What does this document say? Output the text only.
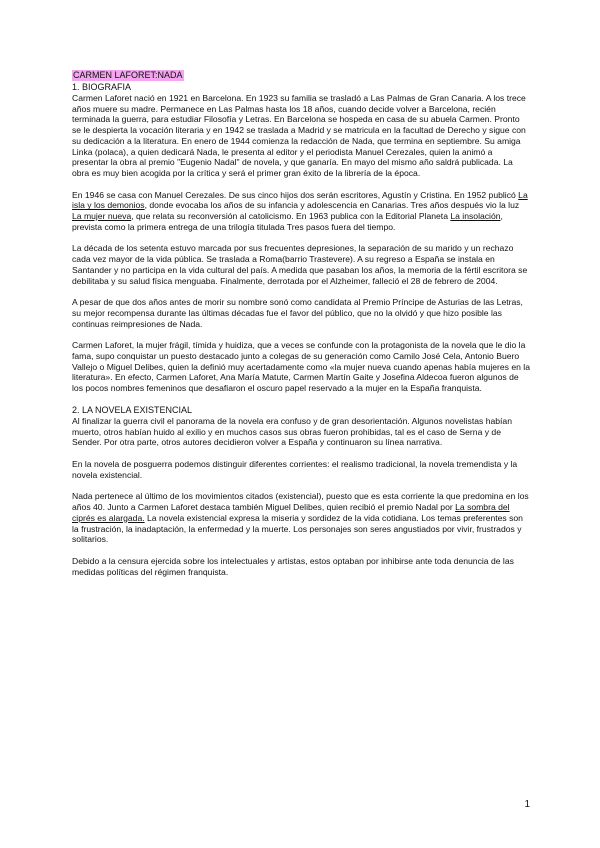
CARMEN LAFORET:NADA
1. BIOGRAFIA

Carmen Laforet nació en 1921 en Barcelona. En 1923 su familia se trasladó a Las Palmas de Gran Canaria. A los trece años muere su madre. Permanece en Las Palmas hasta los 18 años, cuando decide volver a Barcelona, recién terminada la guerra, para estudiar Filosofía y Letras. En Barcelona se hospeda en casa de su abuela Carmen. Pronto se le despierta la vocación literaria y en 1942 se traslada a Madrid y se matricula en la facultad de Derecho y sigue con su dedicación a la literatura. En enero de 1944 comienza la redacción de Nada, que termina en septiembre. Su amiga Linka (polaca), a quien dedicará Nada, le presenta al editor y el periodista Manuel Cerezales, quien la animó a presentar la obra al premio "Eugenio Nadal" de novela, y que ganaría. En mayo del mismo año saldrá publicada. La obra es muy bien acogida por la crítica y será el primer gran éxito de la librería de la época.

En 1946 se casa con Manuel Cerezales. De sus cinco hijos dos serán escritores, Agustín y Cristina. En 1952 publicó La isla y los demonios, donde evocaba los años de su infancia y adolescencia en Canarias. Tres años después vio la luz La mujer nueva, que relata su reconversión al catolicismo. En 1963 publica con la Editorial Planeta La insolación, prevista como la primera entrega de una trilogía titulada Tres pasos fuera del tiempo.

La década de los setenta estuvo marcada por sus frecuentes depresiones, la separación de su marido y un rechazo cada vez mayor de la vida pública. Se traslada a Roma(barrio Trastevere). A su regreso a España se instala en Santander y no participa en la vida cultural del país. A medida que pasaban los años, la memoria de la fértil escritora se debilitaba y su salud física menguaba. Finalmente, derrotada por el Alzheimer, falleció el 28 de febrero de 2004.

A pesar de que dos años antes de morir su nombre sonó como candidata al Premio Príncipe de Asturias de las Letras, su mejor recompensa durante las últimas décadas fue el favor del público, que no la olvidó y que hizo posible las continuas reimpresiones de Nada.

Carmen Laforet, la mujer frágil, tímida y huidiza, que a veces se confunde con la protagonista de la novela que le dio la fama, supo conquistar un puesto destacado junto a colegas de su generación como Camilo José Cela, Antonio Buero Vallejo o Miguel Delibes, quien la definió muy acertadamente como «la mujer nueva cuando apenas había mujeres en la literatura». En efecto, Carmen Laforet, Ana María Matute, Carmen Martín Gaite y Josefina Aldecoa fueron algunos de los pocos nombres femeninos que desafiaron el oscuro papel reservado a la mujer en la España franquista.

2. LA NOVELA EXISTENCIAL

Al finalizar la guerra civil el panorama de la novela era confuso y de gran desorientación. Algunos novelistas habían muerto, otros habían huido al exilio y en muchos casos sus obras fueron prohibidas, tal es el caso de Serna y de Sender. Por otra parte, otros autores decidieron volver a España y continuaron su línea narrativa.

En la novela de posguerra podemos distinguir diferentes corrientes: el realismo tradicional, la novela tremendista y la novela existencial.

Nada pertenece al último de los movimientos citados (existencial), puesto que es esta corriente la que predomina en los años 40. Junto a Carmen Laforet destaca también Miguel Delibes, quien recibió el premio Nadal por La sombra del ciprés es alargada. La novela existencial expresa la miseria y sordidez de la vida cotidiana. Los temas preferentes son la frustración, la inadaptación, la enfermedad y la muerte. Los personajes son seres angustiados por vivir, frustrados y solitarios.

Debido a la censura ejercida sobre los intelectuales y artistas, estos optaban por inhibirse ante toda denuncia de las medidas políticas del régimen franquista.

1
